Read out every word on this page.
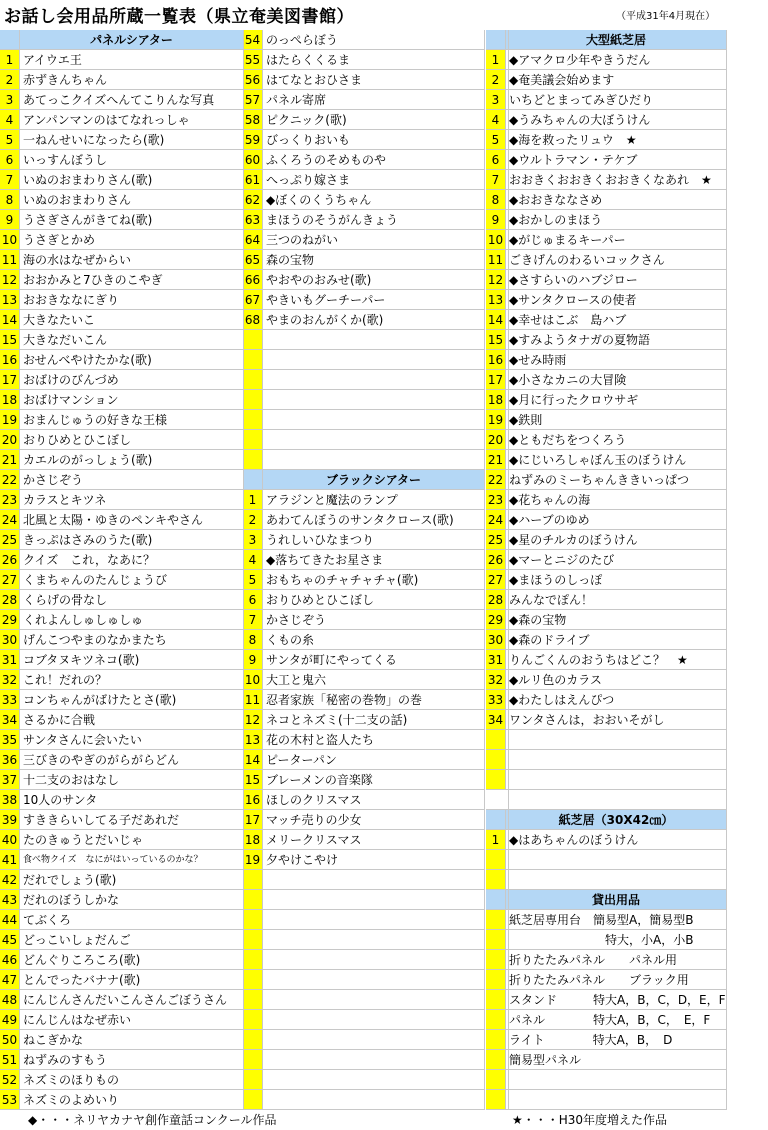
お話し会用品所蔵一覧表（県立奄美図書館）	（平成31年4月現在）
パネルシアター
1 アイウエ王
2 赤ずきんちゃん
3 あてっこクイズへんてこりんな写真
4 アンパンマンのはてなれっしゃ
5 一ねんせいになったら(歌)
6 いっすんぼうし
7 いぬのおまわりさん(歌)
8 いぬのおまわりさん
9 うさぎさんがきてね(歌)
10 うさぎとかめ
11 海の水はなぜからい
12 おおかみと7ひきのこやぎ
13 おおきななにぎり
14 大きなたいこ
15 大きなだいこん
16 おせんべやけたかな(歌)
17 おばけのびんづめ
18 おばけマンション
19 おまんじゅうの好きな王様
20 おりひめとひこぼし
21 カエルのがっしょう(歌)
22 かさじぞう
23 カラスとキツネ
24 北風と太陽・ゆきのペンキやさん
25 きっぷはさみのうた(歌)
26 クイズ　これ，なあに？
27 くまちゃんのたんじょうび
28 くらげの骨なし
29 くれよんしゅしゅしゅ
30 げんこつやまのなかまたち
31 コブタヌキツネコ(歌)
32 これ！だれの？
33 コンちゃんがばけたとさ(歌)
34 さるかに合戦
35 サンタさんに会いたい
36 三びきのやぎのがらがらどん
37 十二支のおはなし
38 10人のサンタ
39 すききらいしてる子だあれだ
40 たのきゅうとだいじゃ
41 食べ物クイズ　なにがはいっているのかな？
42 だれでしょう(歌)
43 だれのぼうしかな
44 てぶくろ
45 どっこいしょだんご
46 どんぐりころころ(歌)
47 とんでったバナナ(歌)
48 にんじんさんだいこんさんごぼうさん
49 にんじんはなぜ赤い
50 ねこぎかな
51 ねずみのすもう
52 ネズミのほりもの
53 ネズミのよめいり
54 のっぺらぼう
55 はたらくくるま
56 はてなとおひさま
57 パネル寄席
58 ピクニック(歌)
59 びっくりおいも
60 ふくろうのそめものや
61 へっぷり嫁さま
62 ◆ぼくのくうちゃん
63 まほうのそうがんきょう
64 三つのねがい
65 森の宝物
66 やおやのおみせ(歌)
67 やきいもグーチーパー
68 やまのおんがくか(歌)
ブラックシアター
1 アラジンと魔法のランプ
2 あわてんぼうのサンタクロース(歌)
3 うれしいひなまつり
4 ◆落ちてきたお星さま
5 おもちゃのチャチャチャ(歌)
6 おりひめとひこぼし
7 かさじぞう
8 くもの糸
9 サンタが町にやってくる
10 大工と鬼六
11 忍者家族「秘密の巻物」の巻
12 ネコとネズミ(十二支の話)
13 花の木村と盗人たち
14 ピーターパン
15 ブレーメンの音楽隊
16 ほしのクリスマス
17 マッチ売りの少女
18 メリークリスマス
19 夕やけこやけ
大型紙芝居
1 ◆アマクロ少年やきうだん
2 ◆奄美議会始めます
3 いちどとまってみぎひだり
4 ◆うみちゃんの大ぼうけん
5 ◆海を救ったリュウ　★
6 ◆ウルトラマン・テケブ
7 おおきくおおきくおおきくなあれ　★
8 ◆おおきななさめ
9 ◆おかしのまほう
10 ◆がじゅまるキーパー
11 ごきげんのわるいコックさん
12 ◆さすらいのハブジロー
13 ◆サンタクロースの使者
14 ◆幸せはこぶ　島ハブ
15 ◆すみようタナガの夏物語
16 ◆せみ時雨
17 ◆小さなカニの大冒険
18 ◆月に行ったクロウサギ
19 ◆鉄則
20 ◆ともだちをつくろう
21 ◆にじいろしゃぼん玉のぼうけん
22 ねずみのミーちゃんききいっぱつ
23 ◆花ちゃんの海
24 ◆ハーブのゆめ
25 ◆星のチルカのぼうけん
26 ◆マーとニジのたび
27 ◆まほうのしっぽ
28 みんなでぽん！
29 ◆森の宝物
30 ◆森のドライブ
31 りんごくんのおうちはどこ？　★
32 ◆ルリ色のカラス
33 ◆わたしはえんぴつ
34 ワンタさんは，おおいそがし
紙芝居（30X42㎝）
1 ◆はあちゃんのぼうけん
貸出用品
紙芝居専用台　簡易型A，簡易型B
　　　　　　　　特大，小A，小B
折りたたみパネル　　パネル用
折りたたみパネル　　ブラック用
スタンド　　　特大A，B，C，D，E，F
パネル　　　　特大A，B，C，　E，F
ライト　　　　特大A，B，　D
簡易型パネル
◆・・・ネリヤカナヤ創作童話コンクール作品	★・・・H30年度増えた作品
